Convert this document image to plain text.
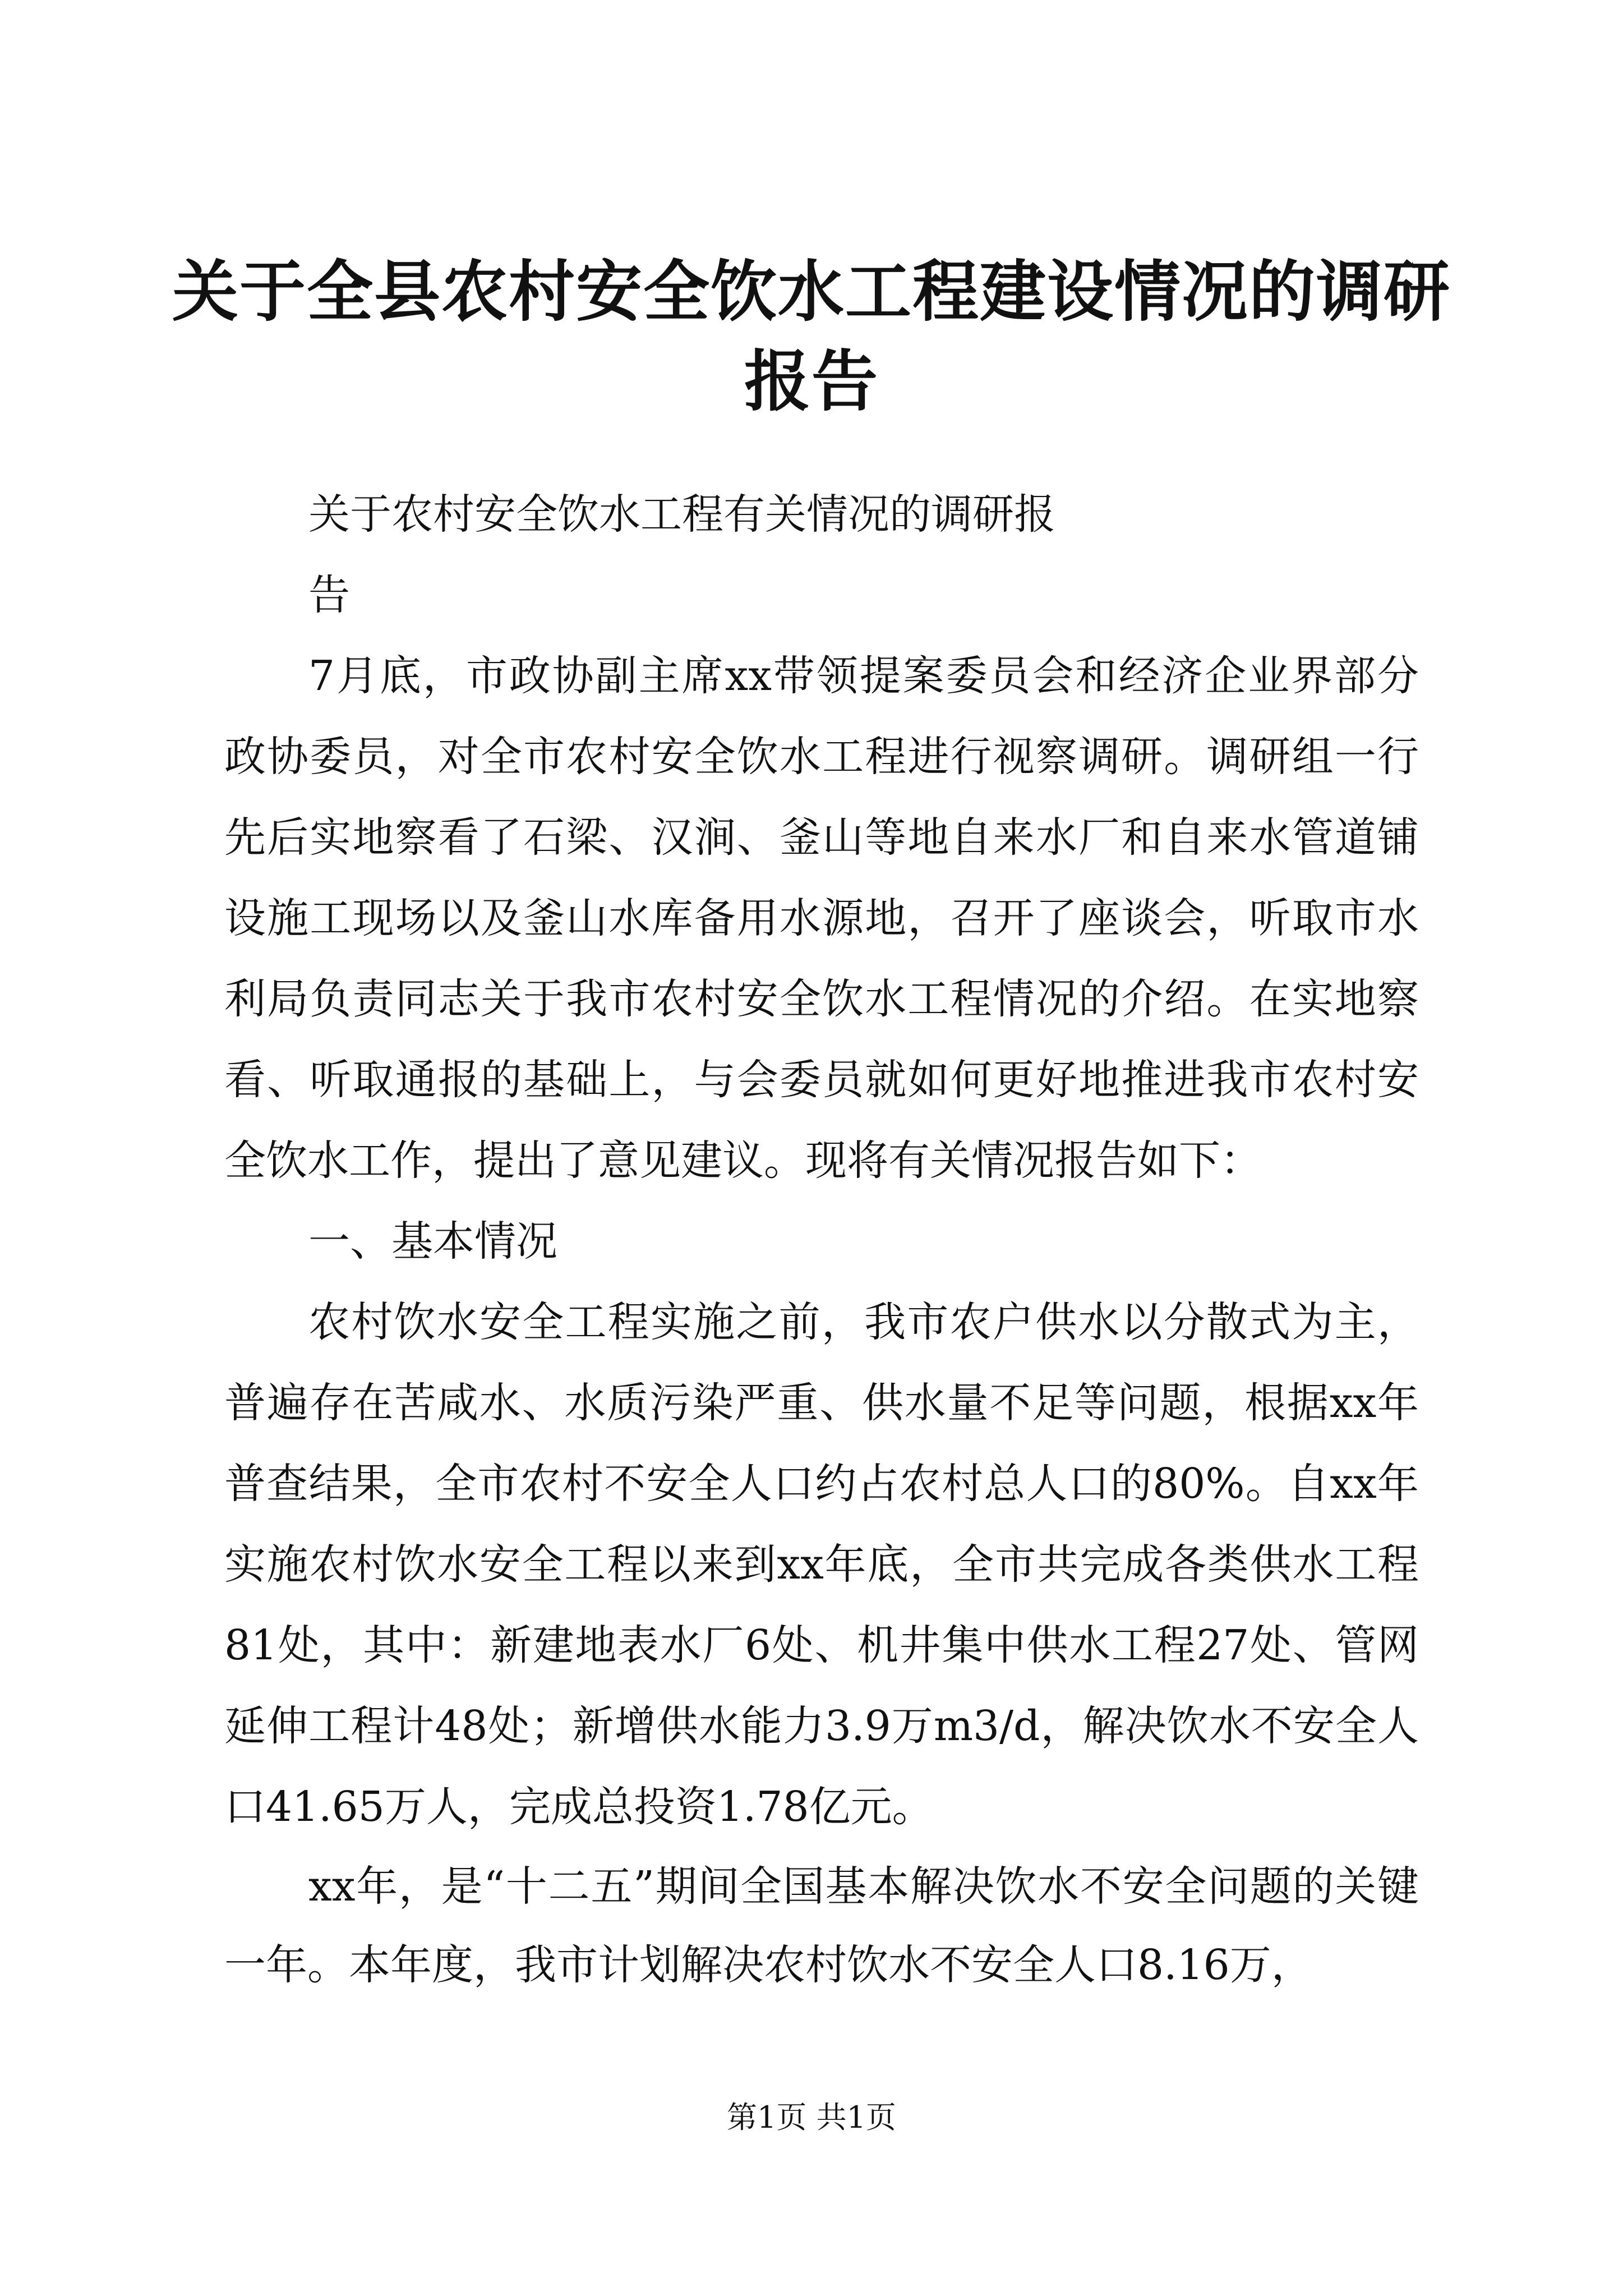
关于全县农村安全饮水工程建设情况的调研报告

关于农村安全饮水工程有关情况的调研报

告

7月底，市政协副主席xx带领提案委员会和经济企业界部分政协委员，对全市农村安全饮水工程进行视察调研。调研组一行先后实地察看了石梁、汉涧、釜山等地自来水厂和自来水管道铺设施工现场以及釜山水库备用水源地，召开了座谈会，听取市水利局负责同志关于我市农村安全饮水工程情况的介绍。在实地察看、听取通报的基础上，与会委员就如何更好地推进我市农村安全饮水工作，提出了意见建议。现将有关情况报告如下：

一、基本情况

农村饮水安全工程实施之前，我市农户供水以分散式为主，普遍存在苦咸水、水质污染严重、供水量不足等问题，根据xx年普查结果，全市农村不安全人口约占农村总人口的80%。自xx年实施农村饮水安全工程以来到xx年底，全市共完成各类供水工程81处，其中：新建地表水厂6处、机井集中供水工程27处、管网延伸工程计48处；新增供水能力3.9万m3/d，解决饮水不安全人口41.65万人，完成总投资1.78亿元。

xx年，是“十二五”期间全国基本解决饮水不安全问题的关键一年。本年度，我市计划解决农村饮水不安全人口8.16万，

第1页 共1页
